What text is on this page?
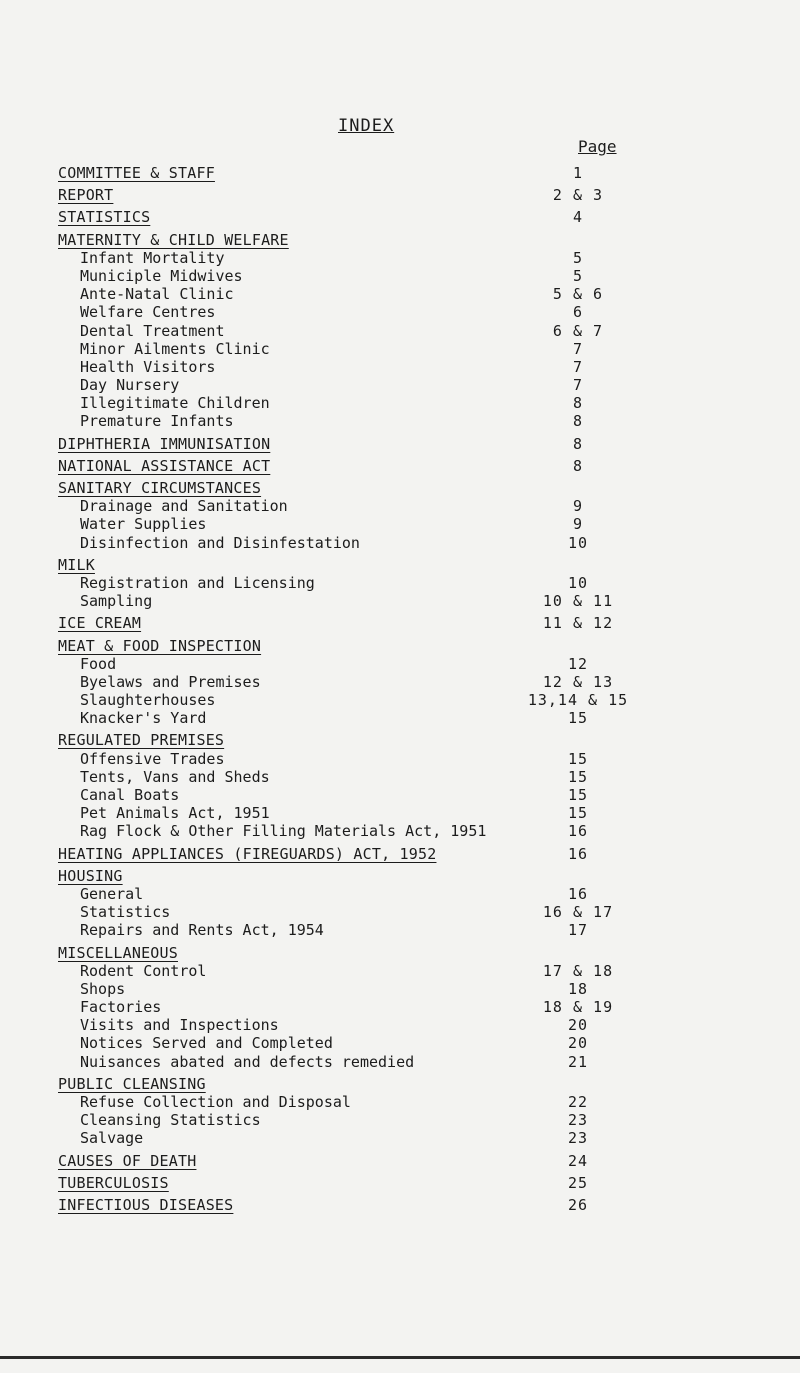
INDEX
Page
COMMITTEE & STAFF	1
REPORT	2 & 3
STATISTICS	4
MATERNITY & CHILD WELFARE
Infant Mortality	5
Municiple Midwives	5
Ante-Natal Clinic	5 & 6
Welfare Centres	6
Dental Treatment	6 & 7
Minor Ailments Clinic	7
Health Visitors	7
Day Nursery	7
Illegitimate Children	8
Premature Infants	8
DIPHTHERIA IMMUNISATION	8
NATIONAL ASSISTANCE ACT	8
SANITARY CIRCUMSTANCES
Drainage and Sanitation	9
Water Supplies	9
Disinfection and Disinfestation	10
MILK
Registration and Licensing	10
Sampling	10 & 11
ICE CREAM	11 & 12
MEAT & FOOD INSPECTION
Food	12
Byelaws and Premises	12 & 13
Slaughterhouses	13,14 & 15
Knacker's Yard	15
REGULATED PREMISES
Offensive Trades	15
Tents, Vans and Sheds	15
Canal Boats	15
Pet Animals Act, 1951	15
Rag Flock & Other Filling Materials Act, 1951	16
HEATING APPLIANCES (FIREGUARDS) ACT, 1952	16
HOUSING
General	16
Statistics	16 & 17
Repairs and Rents Act, 1954	17
MISCELLANEOUS
Rodent Control	17 & 18
Shops	18
Factories	18 & 19
Visits and Inspections	20
Notices Served and Completed	20
Nuisances abated and defects remedied	21
PUBLIC CLEANSING
Refuse Collection and Disposal	22
Cleansing Statistics	23
Salvage	23
CAUSES OF DEATH	24
TUBERCULOSIS	25
INFECTIOUS DISEASES	26
